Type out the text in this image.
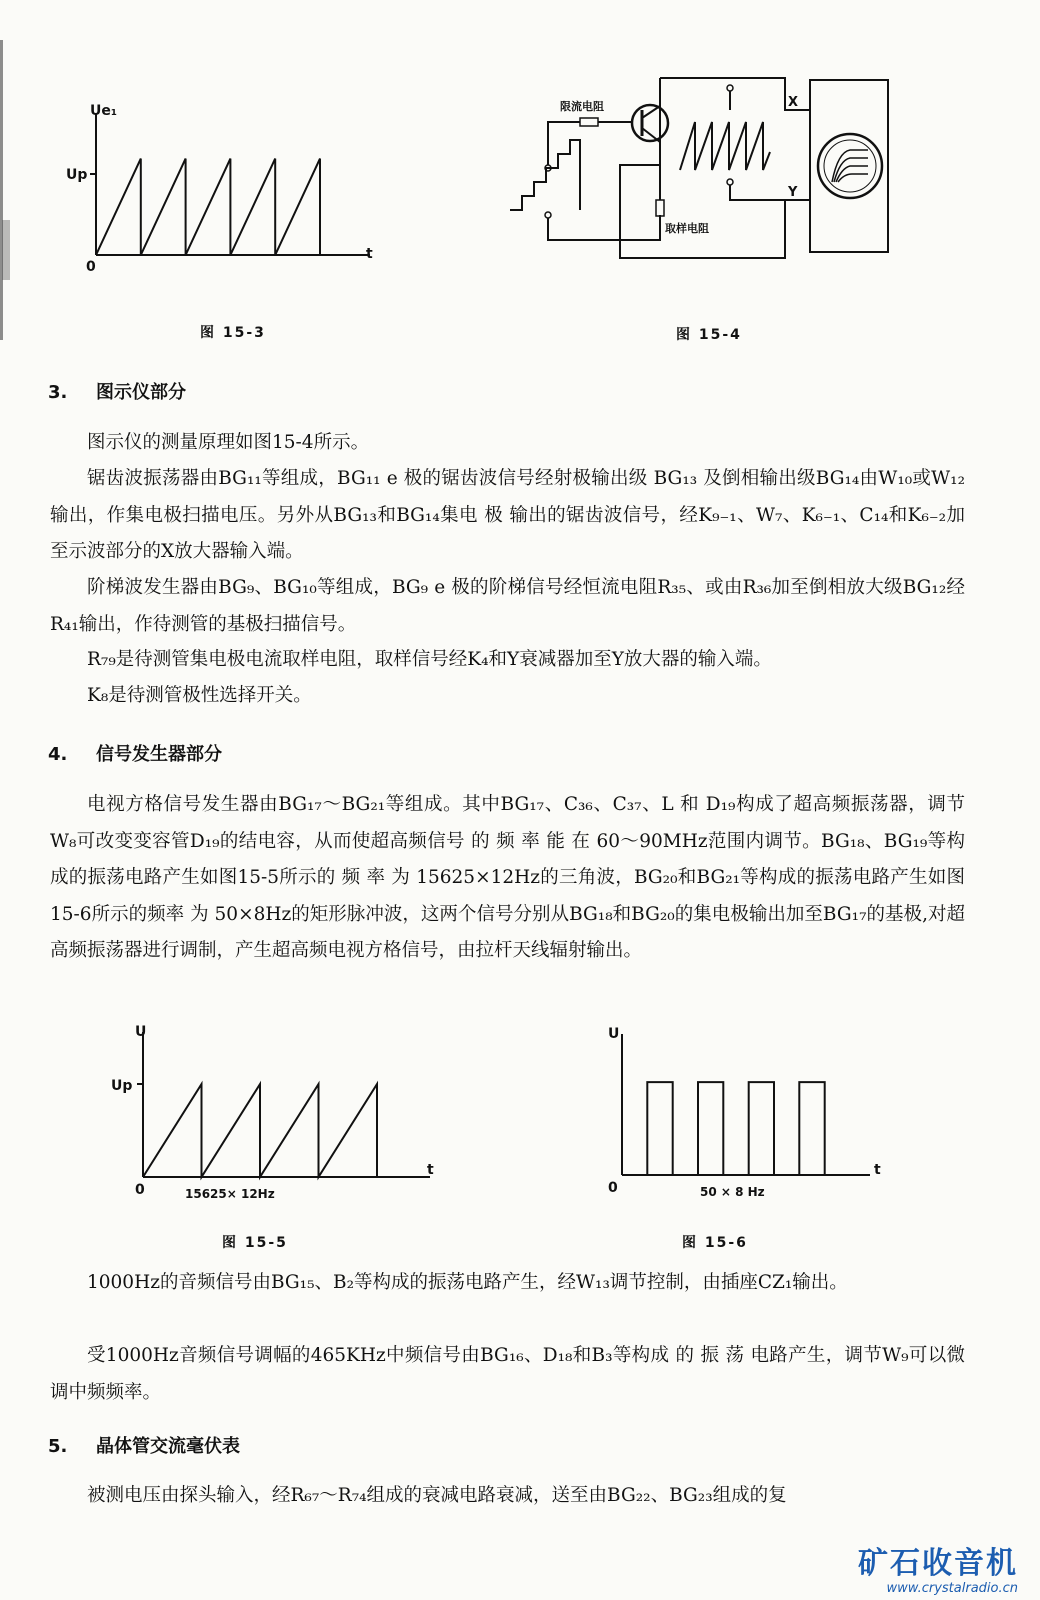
Ue₁
Up
0
t
图 15-3
限流电阻
取样电阻
X
Y
图 15-4
3. 图示仪部分

图示仪的测量原理如图15-4所示。

锯齿波振荡器由BG₁₁等组成，BG₁₁ e 极的锯齿波信号经射极输出级 BG₁₃ 及倒相输出级BG₁₄由W₁₀或W₁₂输出，作集电极扫描电压。另外从BG₁₃和BG₁₄集电 极 输出的锯齿波信号，经K₉₋₁、W₇、K₆₋₁、C₁₄和K₆₋₂加至示波部分的X放大器输入端。

阶梯波发生器由BG₉、BG₁₀等组成，BG₉ e 极的阶梯信号经恒流电阻R₃₅、或由R₃₆加至倒相放大级BG₁₂经R₄₁输出，作待测管的基极扫描信号。

R₇₉是待测管集电极电流取样电阻，取样信号经K₄和Y衰减器加至Y放大器的输入端。

K₈是待测管极性选择开关。

4. 信号发生器部分

电视方格信号发生器由BG₁₇～BG₂₁等组成。其中BG₁₇、C₃₆、C₃₇、L 和 D₁₉构成了超高频振荡器，调节W₈可改变变容管D₁₉的结电容，从而使超高频信号 的 频 率 能 在 60～90MHz范围内调节。BG₁₈、BG₁₉等构成的振荡电路产生如图15-5所示的 频 率 为 15625×12Hz的三角波，BG₂₀和BG₂₁等构成的振荡电路产生如图15-6所示的频率 为 50×8Hz的矩形脉冲波，这两个信号分别从BG₁₈和BG₂₀的集电极输出加至BG₁₇的基极,对超高频振荡器进行调制，产生超高频电视方格信号，由拉杆天线辐射输出。

U
Up
0
t
15625× 12Hz
图 15-5
U
0
t
50 × 8 Hz
图 15-6

1000Hz的音频信号由BG₁₅、B₂等构成的振荡电路产生，经W₁₃调节控制，由插座CZ₁输出。

受1000Hz音频信号调幅的465KHz中频信号由BG₁₆、D₁₈和B₃等构成 的 振 荡 电路产生，调节W₉可以微调中频频率。

5. 晶体管交流毫伏表

被测电压由探头输入，经R₆₇～R₇₄组成的衰减电路衰减，送至由BG₂₂、BG₂₃组成的复

矿石收音机
www.crystalradio.cn
